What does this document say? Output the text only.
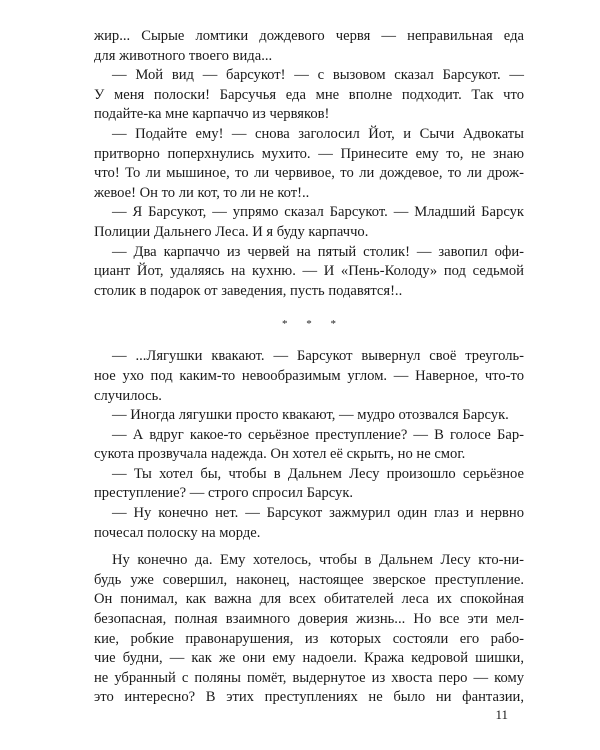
жир... Сырые ломтики дождевого червя — неправильная еда
для животного твоего вида...
— Мой вид — барсукот! — с вызовом сказал Барсукот. —
У меня полоски! Барсучья еда мне вполне подходит. Так что
подайте-ка мне карпаччо из червяков!
— Подайте ему! — снова заголосил Йот, и Сычи Адвокаты
притворно поперхнулись мухито. — Принесите ему то, не знаю
что! То ли мышиное, то ли червивое, то ли дождевое, то ли дрож-
жевое! Он то ли кот, то ли не кот!..
— Я Барсукот, — упрямо сказал Барсукот. — Младший Барсук
Полиции Дальнего Леса. И я буду карпаччо.
— Два карпаччо из червей на пятый столик! — завопил офи-
циант Йот, удаляясь на кухню. — И «Пень-Колоду» под седьмой
столик в подарок от заведения, пусть подавятся!..
* * *
— ...Лягушки квакают. — Барсукот вывернул своё треуголь-
ное ухо под каким-то невообразимым углом. — Наверное, что-то
случилось.
— Иногда лягушки просто квакают, — мудро отозвался Барсук.
— А вдруг какое-то серьёзное преступление? — В голосе Бар-
сукота прозвучала надежда. Он хотел её скрыть, но не смог.
— Ты хотел бы, чтобы в Дальнем Лесу произошло серьёзное
преступление? — строго спросил Барсук.
— Ну конечно нет. — Барсукот зажмурил один глаз и нервно
почесал полоску на морде.
Ну конечно да. Ему хотелось, чтобы в Дальнем Лесу кто-ни-
будь уже совершил, наконец, настоящее зверское преступление.
Он понимал, как важна для всех обитателей леса их спокойная
безопасная, полная взаимного доверия жизнь... Но все эти мел-
кие, робкие правонарушения, из которых состояли его рабо-
чие будни, — как же они ему надоели. Кража кедровой шишки,
не убранный с поляны помёт, выдернутое из хвоста перо — кому
это интересно? В этих преступлениях не было ни фантазии,
11
